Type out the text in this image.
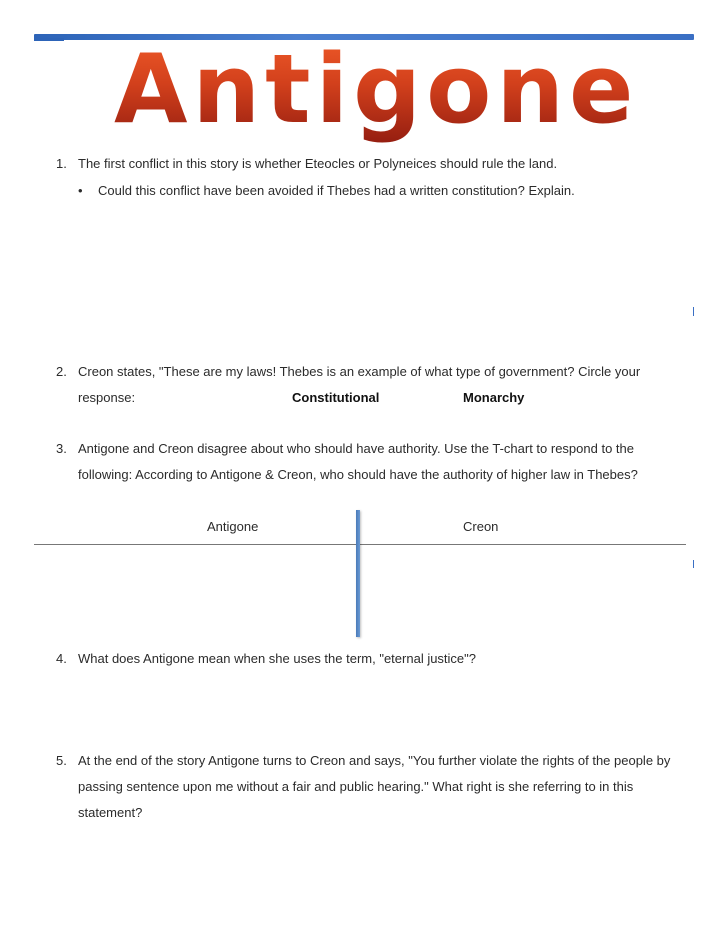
Antigone
1. The first conflict in this story is whether Eteocles or Polyneices should rule the land.
• Could this conflict have been avoided if Thebes had a written constitution? Explain.
2. Creon states, "These are my laws! Thebes is an example of what type of government? Circle your response:	Constitutional	Monarchy
3. Antigone and Creon disagree about who should have authority. Use the T-chart to respond to the following: According to Antigone & Creon, who should have the authority of higher law in Thebes?
Antigone	Creon
4. What does Antigone mean when she uses the term, "eternal justice"?
5. At the end of the story Antigone turns to Creon and says, "You further violate the rights of the people by passing sentence upon me without a fair and public hearing." What right is she referring to in this statement?
